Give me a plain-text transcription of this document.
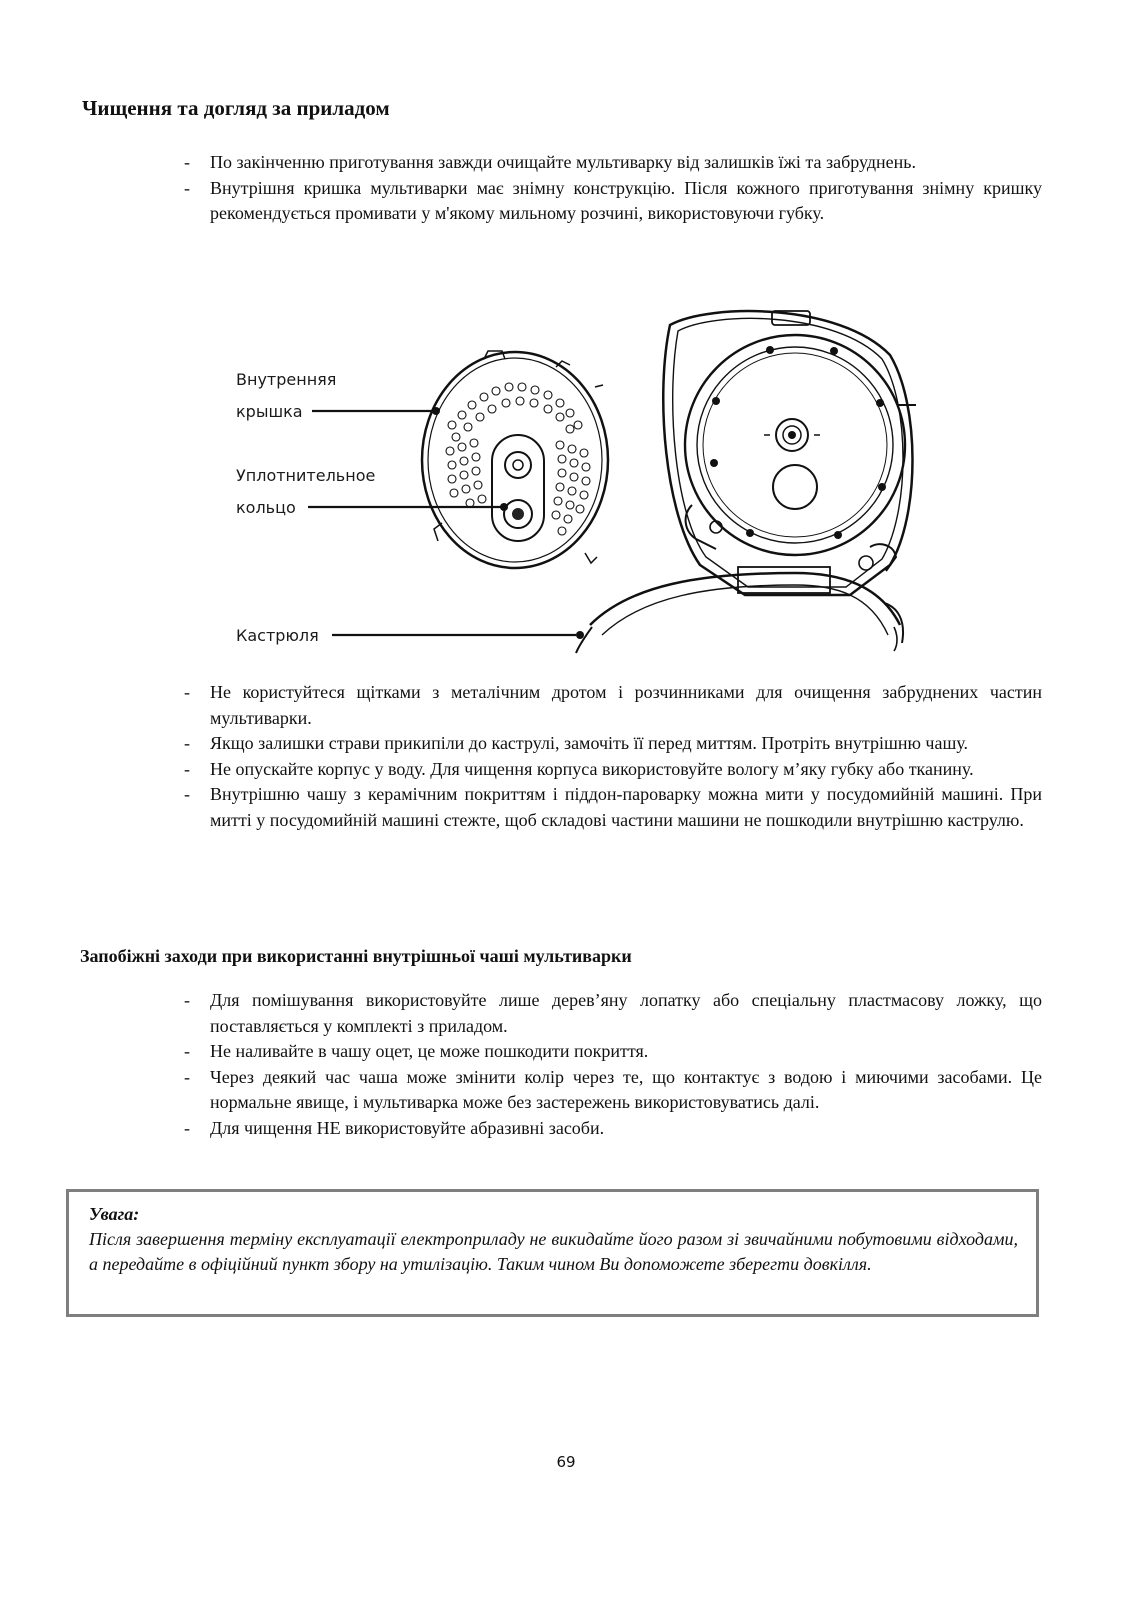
Чищення та догляд за приладом
- По закінченню приготування завжди очищайте мультиварку від залишків їжі та забруднень.
- Внутрішня кришка мультиварки має знімну конструкцію. Після кожного приготування знімну кришку рекомендується промивати у м'якому мильному розчині, використовуючи губку.
Внутренняя
крышка
Уплотнительное
кольцо
Кастрюля
- Не користуйтеся щітками з металічним дротом і розчинниками для очищення забруднених частин мультиварки.
- Якщо залишки страви прикипіли до каструлі, замочіть її перед миттям. Протріть внутрішню чашу.
- Не опускайте корпус у воду. Для чищення корпуса використовуйте вологу м’яку губку або тканину.
- Внутрішню чашу з керамічним покриттям і піддон-пароварку можна мити у посудомийній машині. При митті у посудомийній машині стежте, щоб складові частини машини не пошкодили внутрішню каструлю.
Запобіжні заходи при використанні внутрішньої чаші мультиварки
- Для помішування використовуйте лише дерев’яну лопатку або спеціальну пластмасову ложку, що поставляється у комплекті з приладом.
- Не наливайте в чашу оцет, це може пошкодити покриття.
- Через деякий час чаша може змінити колір через те, що контактує з водою і миючими засобами. Це нормальне явище, і мультиварка може без застережень використовуватись далі.
- Для чищення НЕ використовуйте абразивні засоби.

Увага:

Після завершення терміну експлуатації електроприладу не викидайте його разом зі звичайними побутовими відходами, а передайте в офіційний пункт збору на утилізацію. Таким чином Ви допоможете зберегти довкілля.

69
